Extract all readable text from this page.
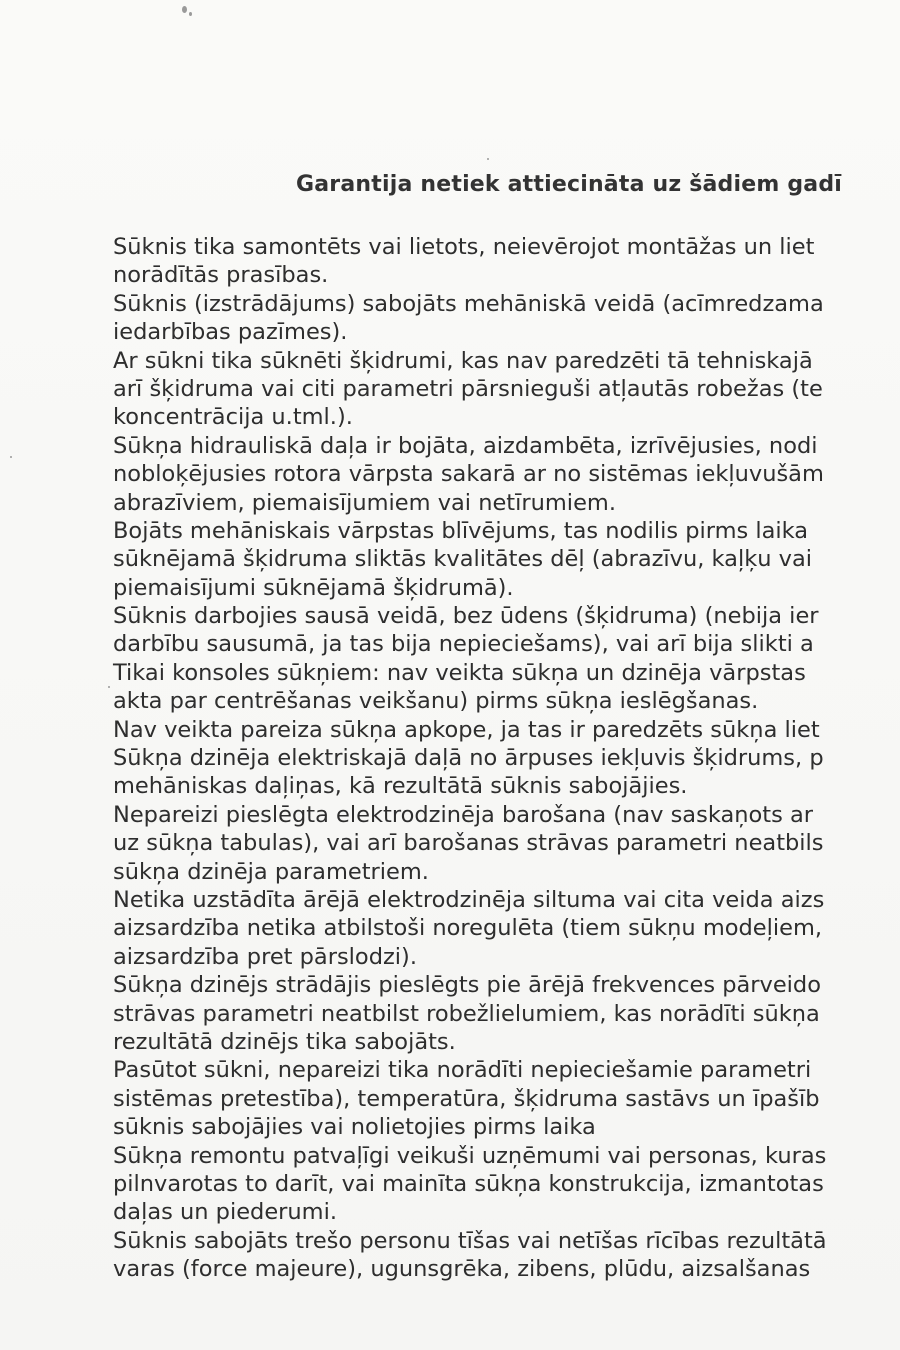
Garantija netiek attiecināta uz šādiem gadī
Sūknis tika samontēts vai lietots, neievērojot montāžas un liet
norādītās prasības.
Sūknis (izstrādājums) sabojāts mehāniskā veidā (acīmredzama
iedarbības pazīmes).
Ar sūkni tika sūknēti šķidrumi, kas nav paredzēti tā tehniskajā
arī šķidruma vai citi parametri pārsnieguši atļautās robežas (te
koncentrācija u.tml.).
Sūkņa hidrauliskā daļa ir bojāta, aizdambēta, izrīvējusies, nodi
nobloķējusies rotora vārpsta sakarā ar no sistēmas iekļuvušām
abrazīviem, piemaisījumiem vai netīrumiem.
Bojāts mehāniskais vārpstas blīvējums, tas nodilis pirms laika
sūknējamā šķidruma sliktās kvalitātes dēļ (abrazīvu, kaļķu vai
piemaisījumi sūknējamā šķidrumā).
Sūknis darbojies sausā veidā, bez ūdens (šķidruma) (nebija ier
darbību sausumā, ja tas bija nepieciešams), vai arī bija slikti a
Tikai konsoles sūkņiem: nav veikta sūkņa un dzinēja vārpstas
akta par centrēšanas veikšanu) pirms sūkņa ieslēgšanas.
Nav veikta pareiza sūkņa apkope, ja tas ir paredzēts sūkņa liet
Sūkņa dzinēja elektriskajā daļā no ārpuses iekļuvis šķidrums, p
mehāniskas daļiņas, kā rezultātā sūknis sabojājies.
Nepareizi pieslēgta elektrodzinēja barošana (nav saskaņots ar
uz sūkņa tabulas), vai arī barošanas strāvas parametri neatbils
sūkņa dzinēja parametriem.
Netika uzstādīta ārējā elektrodzinēja siltuma vai cita veida aizs
aizsardzība netika atbilstoši noregulēta (tiem sūkņu modeļiem,
aizsardzība pret pārslodzi).
Sūkņa dzinējs strādājis pieslēgts pie ārējā frekvences pārveido
strāvas parametri neatbilst robežlielumiem, kas norādīti sūkņa
rezultātā dzinējs tika sabojāts.
Pasūtot sūkni, nepareizi tika norādīti nepieciešamie parametri
sistēmas pretestība), temperatūra, šķidruma sastāvs un īpašīb
sūknis sabojājies vai nolietojies pirms laika
Sūkņa remontu patvaļīgi veikuši uzņēmumi vai personas, kuras
pilnvarotas to darīt, vai mainīta sūkņa konstrukcija, izmantotas
daļas un piederumi.
Sūknis sabojāts trešo personu tīšas vai netīšas rīcības rezultātā
varas (force majeure), ugunsgrēka, zibens, plūdu, aizsalšanas
